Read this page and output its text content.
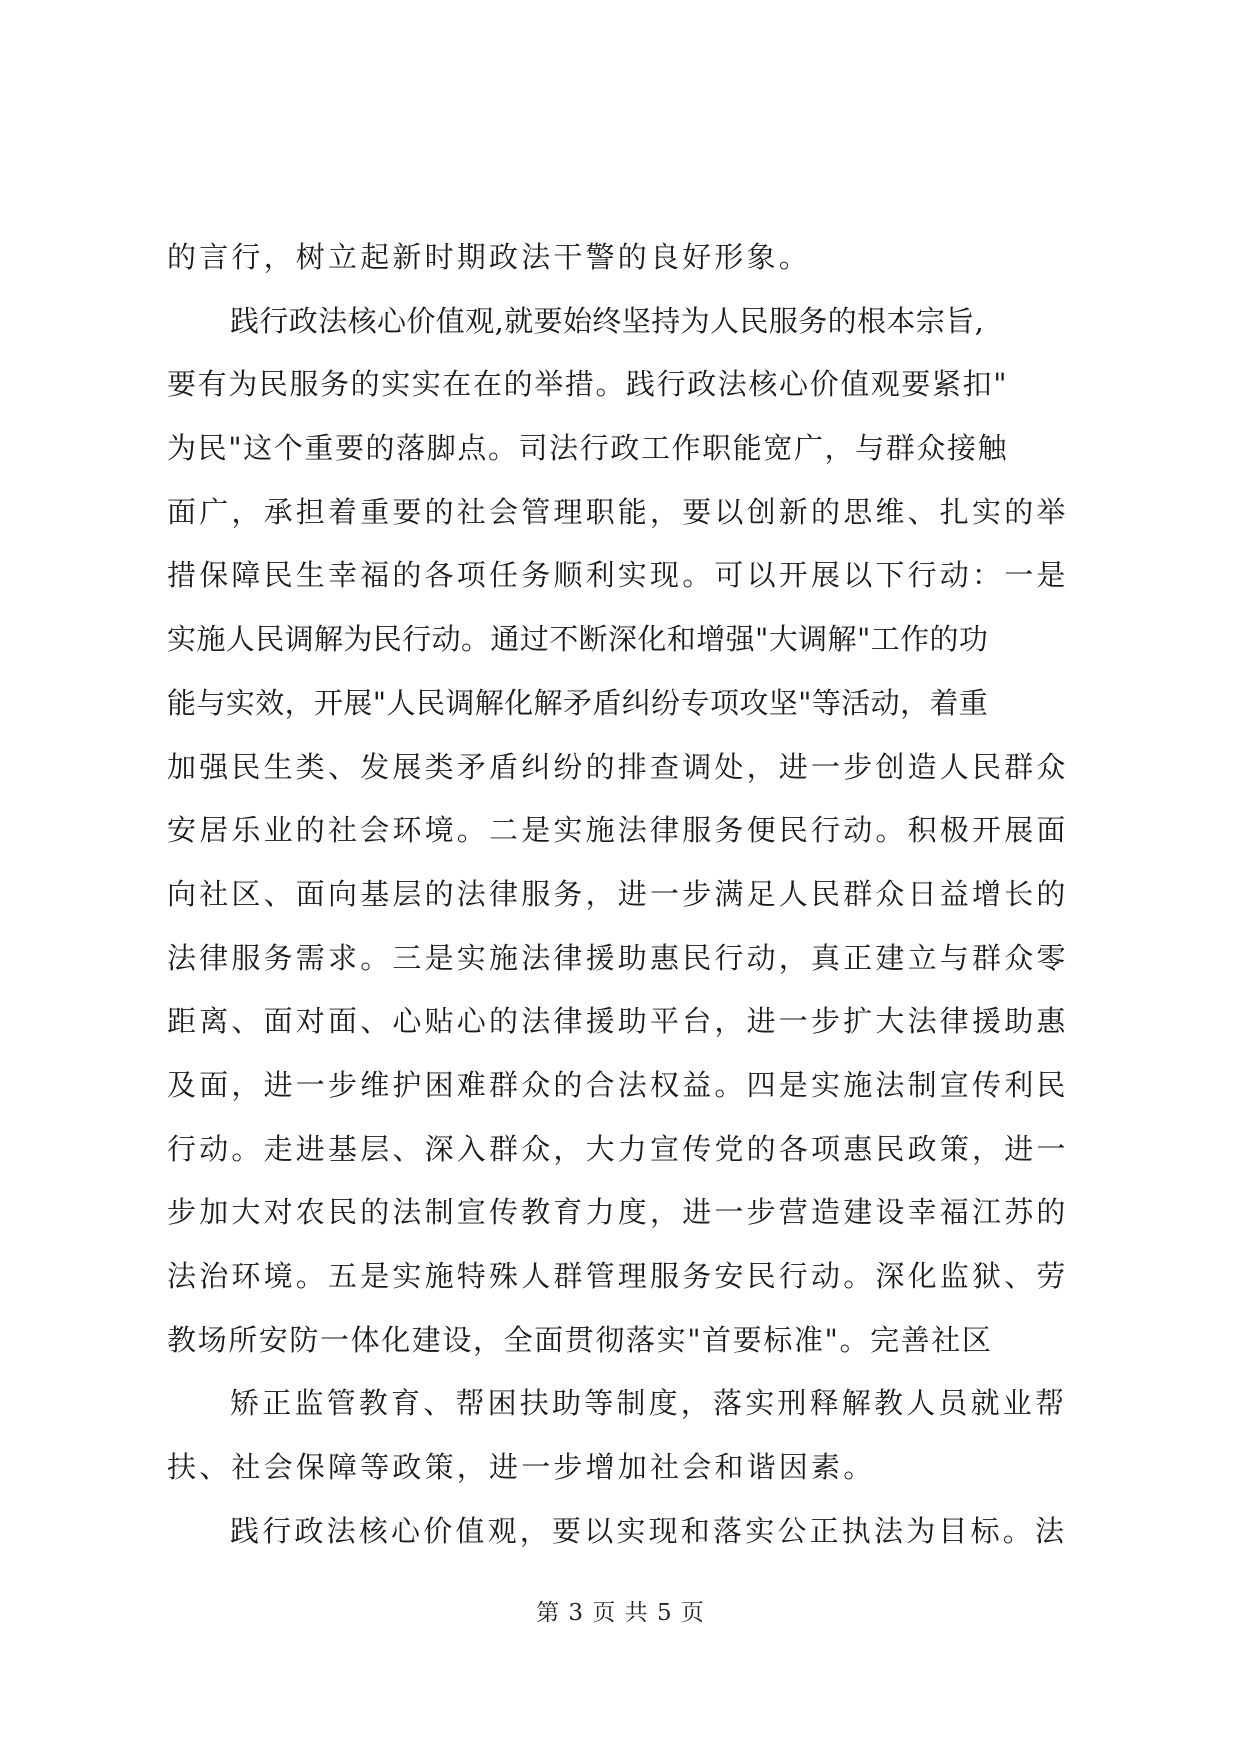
的言行，树立起新时期政法干警的良好形象。
践行政法核心价值观,就要始终坚持为人民服务的根本宗旨,
要有为民服务的实实在在的举措。践行政法核心价值观要紧扣"
为民"这个重要的落脚点。司法行政工作职能宽广，与群众接触
面广，承担着重要的社会管理职能，要以创新的思维、扎实的举
措保障民生幸福的各项任务顺利实现。可以开展以下行动：一是
实施人民调解为民行动。通过不断深化和增强"大调解"工作的功
能与实效，开展"人民调解化解矛盾纠纷专项攻坚"等活动，着重
加强民生类、发展类矛盾纠纷的排查调处，进一步创造人民群众
安居乐业的社会环境。二是实施法律服务便民行动。积极开展面
向社区、面向基层的法律服务，进一步满足人民群众日益增长的
法律服务需求。三是实施法律援助惠民行动，真正建立与群众零
距离、面对面、心贴心的法律援助平台，进一步扩大法律援助惠
及面，进一步维护困难群众的合法权益。四是实施法制宣传利民
行动。走进基层、深入群众，大力宣传党的各项惠民政策，进一
步加大对农民的法制宣传教育力度，进一步营造建设幸福江苏的
法治环境。五是实施特殊人群管理服务安民行动。深化监狱、劳
教场所安防一体化建设，全面贯彻落实"首要标准"。完善社区
矫正监管教育、帮困扶助等制度，落实刑释解教人员就业帮
扶、社会保障等政策，进一步增加社会和谐因素。
践行政法核心价值观，要以实现和落实公正执法为目标。法
第 3 页 共 5 页
